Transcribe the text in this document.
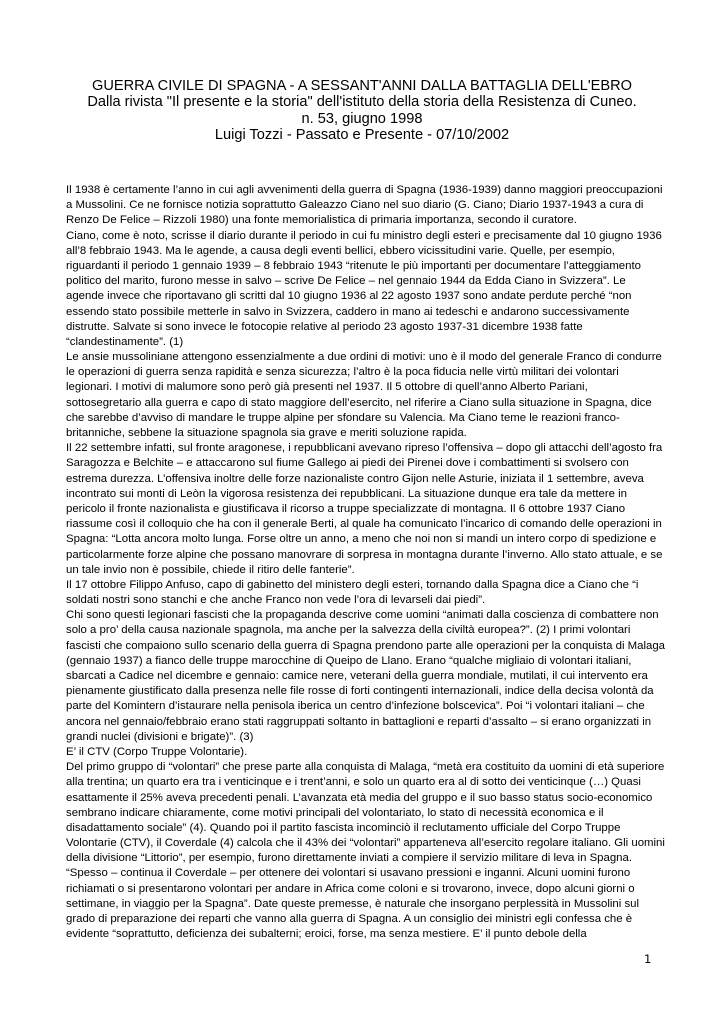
GUERRA CIVILE DI SPAGNA - A SESSANT'ANNI DALLA BATTAGLIA DELL'EBRO
Dalla rivista "Il presente e la storia" dell'istituto della storia della Resistenza di Cuneo.
n. 53, giugno 1998
Luigi Tozzi - Passato e Presente - 07/10/2002

Il 1938 è certamente l’anno in cui agli avvenimenti della guerra di Spagna (1936-1939) danno maggiori preoccupazioni a Mussolini. Ce ne fornisce notizia soprattutto Galeazzo Ciano nel suo diario (G. Ciano; Diario 1937-1943 a cura di Renzo De Felice – Rizzoli 1980) una fonte memorialistica di primaria importanza, secondo il curatore.

Ciano, come è noto, scrisse il diario durante il periodo in cui fu ministro degli esteri e precisamente dal 10 giugno 1936 all’8 febbraio 1943. Ma le agende, a causa degli eventi bellici, ebbero vicissitudini varie. Quelle, per esempio, riguardanti il periodo 1 gennaio 1939 – 8 febbraio 1943 “ritenute le più importanti per documentare l’atteggiamento politico del marito, furono messe in salvo – scrive De Felice – nel gennaio 1944 da Edda Ciano in Svizzera”. Le agende invece che riportavano gli scritti dal 10 giugno 1936 al 22 agosto 1937 sono andate perdute perché “non essendo stato possibile metterle in salvo in Svizzera, caddero in mano ai tedeschi e andarono successivamente distrutte. Salvate si sono invece le fotocopie relative al periodo 23 agosto 1937-31 dicembre 1938 fatte “clandestinamente”. (1)

Le ansie mussoliniane attengono essenzialmente a due ordini di motivi: uno è il modo del generale Franco di condurre le operazioni di guerra senza rapidità e senza sicurezza; l’altro è la poca fiducia nelle virtù militari dei volontari legionari. I motivi di malumore sono però già presenti nel 1937. Il 5 ottobre di quell’anno Alberto Pariani, sottosegretario alla guerra e capo di stato maggiore dell’esercito, nel riferire a Ciano sulla situazione in Spagna, dice che sarebbe d’avviso di mandare le truppe alpine per sfondare su Valencia. Ma Ciano teme le reazioni franco-britanniche, sebbene la situazione spagnola sia grave e meriti soluzione rapida.

Il 22 settembre infatti, sul fronte aragonese, i repubblicani avevano ripreso l’offensiva – dopo gli attacchi dell’agosto fra Saragozza e Belchite – e attaccarono sul fiume Gallego ai piedi dei Pirenei dove i combattimenti si svolsero con estrema durezza. L’offensiva inoltre delle forze nazionaliste contro Gijon nelle Asturie, iniziata il 1 settembre, aveva incontrato sui monti di Leòn la vigorosa resistenza dei repubblicani. La situazione dunque era tale da mettere in pericolo il fronte nazionalista e giustificava il ricorso a truppe specializzate di montagna. Il 6 ottobre 1937 Ciano riassume così il colloquio che ha con il generale Berti, al quale ha comunicato l’incarico di comando delle operazioni in Spagna: “Lotta ancora molto lunga. Forse oltre un anno, a meno che noi non si mandi un intero corpo di spedizione e particolarmente forze alpine che possano manovrare di sorpresa in montagna durante l’inverno. Allo stato attuale, e se un tale invio non è possibile, chiede il ritiro delle fanterie”.

Il 17 ottobre Filippo Anfuso, capo di gabinetto del ministero degli esteri, tornando dalla Spagna dice a Ciano che “i soldati nostri sono stanchi e che anche Franco non vede l’ora di levarseli dai piedi”.

Chi sono questi legionari fascisti che la propaganda descrive come uomini “animati dalla coscienza di combattere non solo a pro’ della causa nazionale spagnola, ma anche per la salvezza della civiltà europea?”. (2) I primi volontari fascisti che compaiono sullo scenario della guerra di Spagna prendono parte alle operazioni per la conquista di Malaga (gennaio 1937) a fianco delle truppe marocchine di Queipo de Llano. Erano “qualche migliaio di volontari italiani, sbarcati a Cadice nel dicembre e gennaio: camice nere, veterani della guerra mondiale, mutilati, il cui intervento era pienamente giustificato dalla presenza nelle file rosse di forti contingenti internazionali, indice della decisa volontà da parte del Komintern d’istaurare nella penisola iberica un centro d’infezione bolscevica”. Poi “i volontari italiani – che ancora nel gennaio/febbraio erano stati raggruppati soltanto in battaglioni e reparti d’assalto – si erano organizzati in grandi nuclei (divisioni e brigate)”. (3)

E’ il CTV (Corpo Truppe Volontarie).

Del primo gruppo di “volontari” che prese parte alla conquista di Malaga, “metà era costituito da uomini di età superiore alla trentina; un quarto era tra i venticinque e i trent’anni, e solo un quarto era al di sotto dei venticinque (…) Quasi esattamente il 25% aveva precedenti penali. L’avanzata età media del gruppo e il suo basso status socio-economico sembrano indicare chiaramente, come motivi principali del volontariato, lo stato di necessità economica e il disadattamento sociale” (4). Quando poi il partito fascista incominciò il reclutamento ufficiale del Corpo Truppe Volontarie (CTV), il Coverdale (4) calcola che il 43% dei “volontari” apparteneva all’esercito regolare italiano. Gli uomini della divisione “Littorio”, per esempio, furono direttamente inviati a compiere il servizio militare di leva in Spagna. “Spesso – continua il Coverdale – per ottenere dei volontari si usavano pressioni e inganni. Alcuni uomini furono richiamati o si presentarono volontari per andare in Africa come coloni e si trovarono, invece, dopo alcuni giorni o settimane, in viaggio per la Spagna”. Date queste premesse, è naturale che insorgano perplessità in Mussolini sul grado di preparazione dei reparti che vanno alla guerra di Spagna. A un consiglio dei ministri egli confessa che è evidente “soprattutto, deficienza dei subalterni; eroici, forse, ma senza mestiere. E’ il punto debole della

1
